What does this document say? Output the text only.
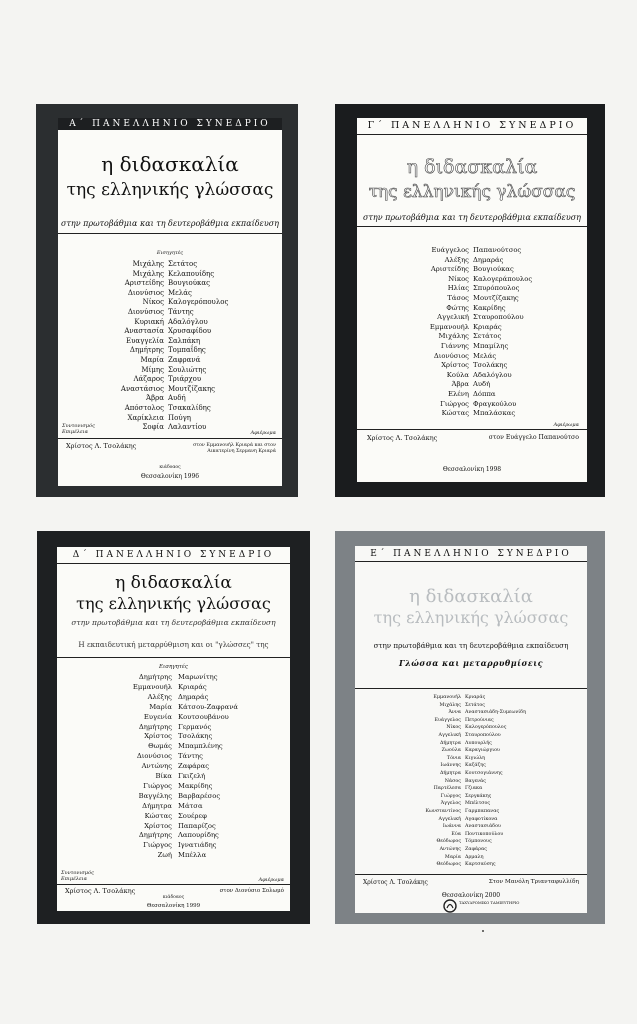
Α΄ ΠΑΝΕΛΛΗΝΙΟ ΣΥΝΕΔΡΙΟ
η διδασκαλία
της ελληνικής γλώσσας
στην πρωτοβάθμια και τη δευτεροβάθμια εκπαίδευση
Εισηγητές
Μιχάλης Σετάτος
Μιχάλης Κελαπουίδης
Αριστείδης Βουγιούκας
Διονύσιος Μελάς
Νίκος Καλογερόπουλος
Διονύσιος Τάντης
Κυριακή Αδαλόγλου
Αναστασία Χρυσαφίδου
Ευαγγελία Σαλπάκη
Δημήτρης Τομπαΐδης
Μαρία Ζαφρανά
Μίμης Σουλιώτης
Λάζαρος Τριάρχου
Αναστάσιος Μουτζίζακης
Άβρα Αυδή
Απόστολος Τσακαλίδης
Χαρίκλεια Πούγη
Σοφία Λαλαντίου
Συντονισμός Επιμέλεια	Αφιέρωμα
Χρίστος Λ. Τσολάκης	στον Εμμανουήλ Κριαρά και στον Αικατερίνη Σερμανη Κριαρά
κιάδοαος
Θεσσαλονίκη 1996
Γ΄ ΠΑΝΕΛΛΗΝΙΟ ΣΥΝΕΔΡΙΟ
η διδασκαλία
της ελληνικής γλώσσας
στην πρωτοβάθμια και τη δευτεροβάθμια εκπαίδευση
Ευάγγελος Παπανούτσος
Αλέξης Δημαράς
Αριστείδης Βουγιούκας
Νίκος Καλογεράπουλος
Ηλίας Σπυρόπουλος
Τάσος Μουτζίζακης
Φώτης Κακρίδης
Αγγελική Σταυροπούλου
Εμμανουήλ Κριαράς
Μιχάλης Σετάτος
Γιάννης Μπαμίλης
Διονύσιος Μελάς
Χρίστος Τσολάκης
Κούλα Αδαλόγλου
Άβρα Αυδή
Ελένη Δόππα
Γιώργος Φραγκούλου
Κώστας Μπαλάσκας
Αφιέρωμα
Χρίστος Λ. Τσολάκης	στον Ευάγγελο Παπανούτσο
Θεσσαλονίκη 1998
Δ΄ ΠΑΝΕΛΛΗΝΙΟ ΣΥΝΕΔΡΙΟ
η διδασκαλία
της ελληνικής γλώσσας
στην πρωτοβάθμια και τη δευτεροβάθμια εκπαίδευση
Η εκπαιδευτική μεταρρύθμιση και οι "γλώσσες" της
Εισηγητές
Δημήτρης Μαρωνίτης
Εμμανουήλ Κριαράς
Αλέξης Δημαράς
Μαρία Κάτσου-Ζαφρανά
Ευγενία Κουτσουβάνου
Δημήτρης Γερμανός
Χρίστος Τσολάκης
Θωμάς Μπαμπλένης
Διονύσιος Τάντης
Αντώνης Ζαφάρας
Βίκα Γκιζελή
Γιώργος Μακρίδης
Βαγγέλης Βαρβαρέσος
Δήμητρα Μάτσα
Κώστας Σουέρεφ
Χρίστος Παπαρίζος
Δημήτρης Λαπουρίδης
Γιώργος Ιγνατιάδης
Ζωή Μπέλλα
Συντονισμός Επιμέλεια	Αφιέρωμα
Χρίστος Λ. Τσολάκης	στον Διονύσιο Σολωμό
κιάδοαος
Θεσσαλονίκη 1999
Ε΄ ΠΑΝΕΛΛΗΝΙΟ ΣΥΝΕΔΡΙΟ
η διδασκαλία
της ελληνικής γλώσσας
στην πρωτοβάθμια και τη δευτεροβάθμια εκπαίδευση
Γλώσσα και μεταρρυθμίσεις
Εμμανουήλ Κριαράς
Μιχάλης Σετάτος
Άννα Αναστασιάδη-Συμεωνίδη
Ευάγγελος Πετρούνιας
Νίκος Καλογερόπουλος
Αγγελική Σταυροπούλου
Δήμητρα Λυπουρλής
Ζωούλα Καραγιώργιου
Τόνια Κιγιώλη
Ιωάννης Καζάζης
Δήμητρα Κουτσογιάννης
Νάσος Βαγενάς
Παρτέλεσα Γζιακα
Γιώργος Σεργκάκης
Άγγελος Μπέλτσος
Κωνσταντίνος Γαρμπαπανας
Αγγελική Αγαφοτίκονα
Ιωάννα Αναστασιάδου
Εύα Ποντικοπούλου
Θεόδωρος Τόμπονους
Αντώνης Ζαφάρας
Μαρία Δρμαλη
Θεόδωρος Καρτσαύσης
Χρίστος Λ. Τσολάκης	Στον Μανόλη Τριανταφυλλίδη
Θεσσαλονίκη 2000
ΤΑΧΥΔΡΟΜΙΚΟ ΤΑΜΙΕΥΤΗΡΙΟ
